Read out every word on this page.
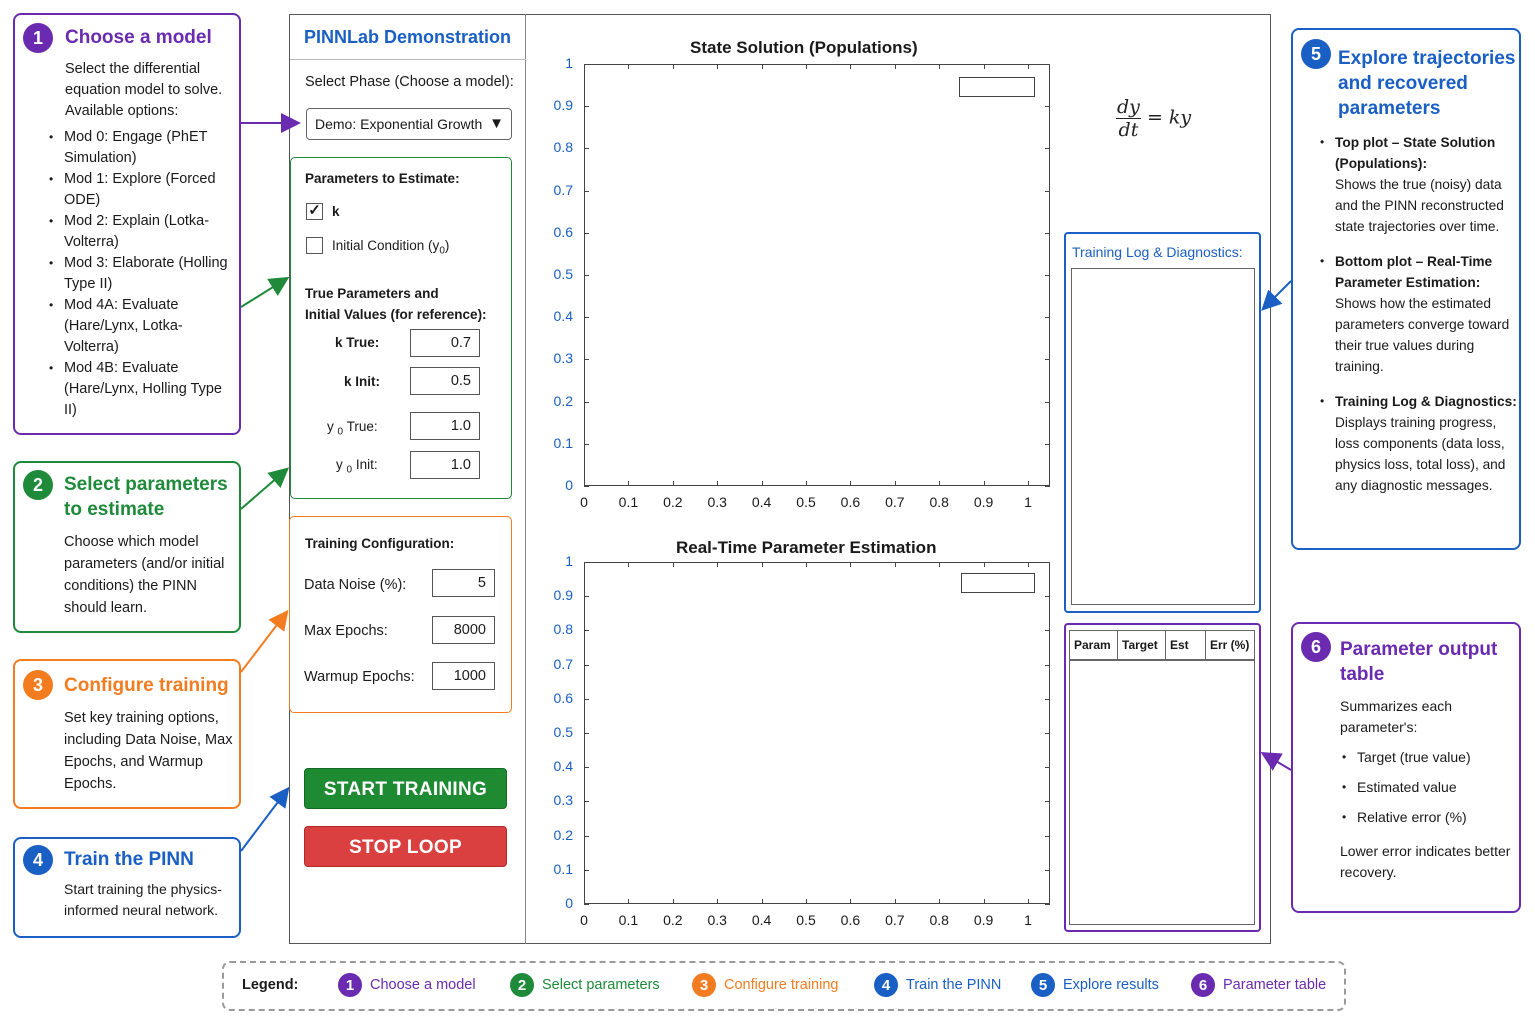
1	Choose a model
Select the differential equation model to solve. Available options:
• Mod 0: Engage (PhET Simulation)
• Mod 1: Explore (Forced ODE)
• Mod 2: Explain (Lotka-Volterra)
• Mod 3: Elaborate (Holling Type II)
• Mod 4A: Evaluate (Hare/Lynx, Lotka-Volterra)
• Mod 4B: Evaluate (Hare/Lynx, Holling Type II)
2	Select parameters to estimate
Choose which model parameters (and/or initial conditions) the PINN should learn.
3	Configure training
Set key training options, including Data Noise, Max Epochs, and Warmup Epochs.
4	Train the PINN
Start training the physics-informed neural network.
PINNLab Demonstration
Select Phase (Choose a model):
Demo: Exponential Growth ▼
Parameters to Estimate:
✓ k
Initial Condition $(y_0)$
True Parameters and
Initial Values (for reference):
k True:	0.7
k Init:	0.5
y $_0$ True:	1.0
y $_0$ Init:	1.0
Training Configuration:
Data Noise (%):	5
Max Epochs:	8000
Warmup Epochs:	1000
START TRAINING
STOP LOOP
State Solution (Populations)
0
0.1
0.2
0.3
0.4
0.5
0.6
0.7
0.8
0.9
1
0	0.1	0.2	0.3	0.4	0.5	0.6	0.7	0.8	0.9	1
Real-Time Parameter Estimation
0
0.1
0.2
0.3
0.4
0.5
0.6
0.7
0.8
0.9
1
0	0.1	0.2	0.3	0.4	0.5	0.6	0.7	0.8	0.9	1
$\frac{dy}{dt}$ = ky
Training Log & Diagnostics:
Param Target	Est	Err (%)
5 Explore trajectories and recovered parameters
• Top plot – State Solution (Populations):
Shows the true (noisy) data and the PINN reconstructed state trajectories over time.
• Bottom plot – Real-Time Parameter Estimation:
Shows how the estimated parameters converge toward their true values during training.
• Training Log & Diagnostics:
Displays training progress, loss components (data loss, physics loss, total loss), and any diagnostic messages.
6	Parameter output table
Summarizes each parameter's:
• Target (true value)
• Estimated value
• Relative error (%)
Lower error indicates better recovery.
Legend:	1	Choose a model	2	Select parameters	3	Configure training	4	Train the PINN	5	Explore results	6	Parameter table
